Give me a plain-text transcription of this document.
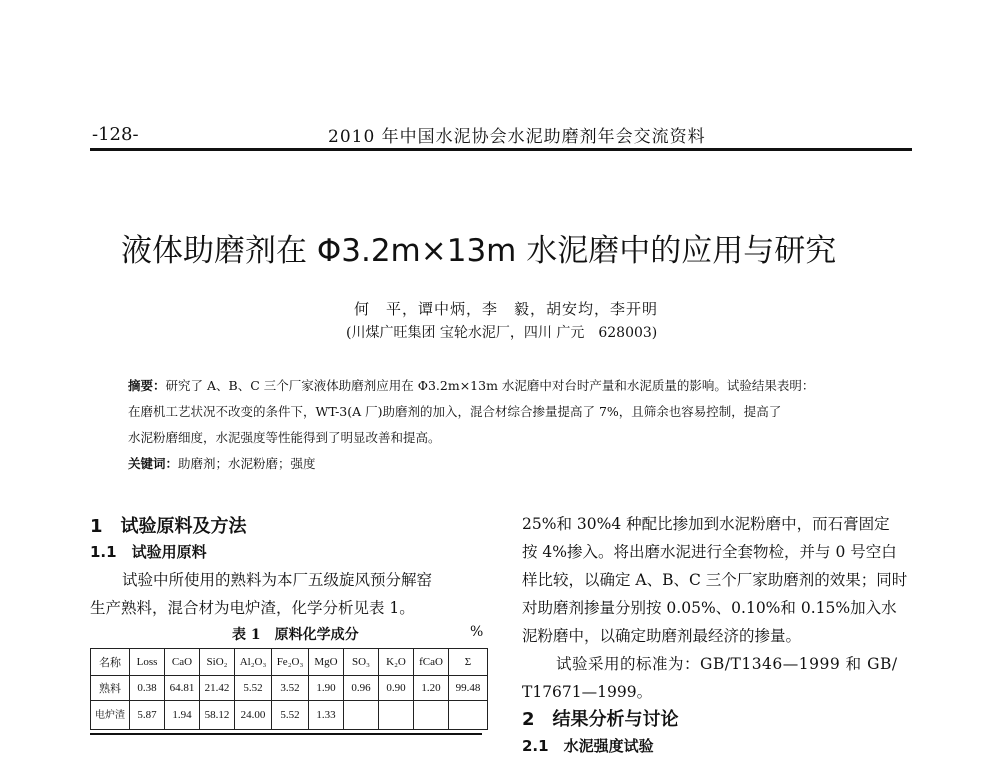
-128-	2010 年中国水泥协会水泥助磨剂年会交流资料
液体助磨剂在 Φ3.2m×13m 水泥磨中的应用与研究
何　平，谭中炳，李　毅，胡安均，李开明
(川煤广旺集团 宝轮水泥厂，四川 广元　628003)
摘要：研究了 A、B、C 三个厂家液体助磨剂应用在 Φ3.2m×13m 水泥磨中对台时产量和水泥质量的影响。试验结果表明：
在磨机工艺状况不改变的条件下，WT-3(A 厂)助磨剂的加入，混合材综合掺量提高了 7%，且筛余也容易控制，提高了
水泥粉磨细度，水泥强度等性能得到了明显改善和提高。
关键词：助磨剂；水泥粉磨；强度
1　试验原料及方法
1.1　试验用原料
试验中所使用的熟料为本厂五级旋风预分解窑
生产熟料，混合材为电炉渣，化学分析见表 1。
表 1　原料化学成分	%
名称	Loss	CaO	SiO₂	Al₂O₃	Fe₂O₃	MgO	SO₃	K₂O	fCaO	Σ
熟料	0.38	64.81	21.42	5.52	3.52	1.90	0.96	0.90	1.20	99.48
电炉渣	5.87	1.94	58.12	24.00	5.52	1.33				
25%和 30%4 种配比掺加到水泥粉磨中，而石膏固定
按 4%掺入。将出磨水泥进行全套物检，并与 0 号空白
样比较，以确定 A、B、C 三个厂家助磨剂的效果；同时
对助磨剂掺量分别按 0.05%、0.10%和 0.15%加入水
泥粉磨中，以确定助磨剂最经济的掺量。
试验采用的标准为：GB/T1346—1999 和 GB/
T17671—1999。
2　结果分析与讨论
2.1　水泥强度试验
